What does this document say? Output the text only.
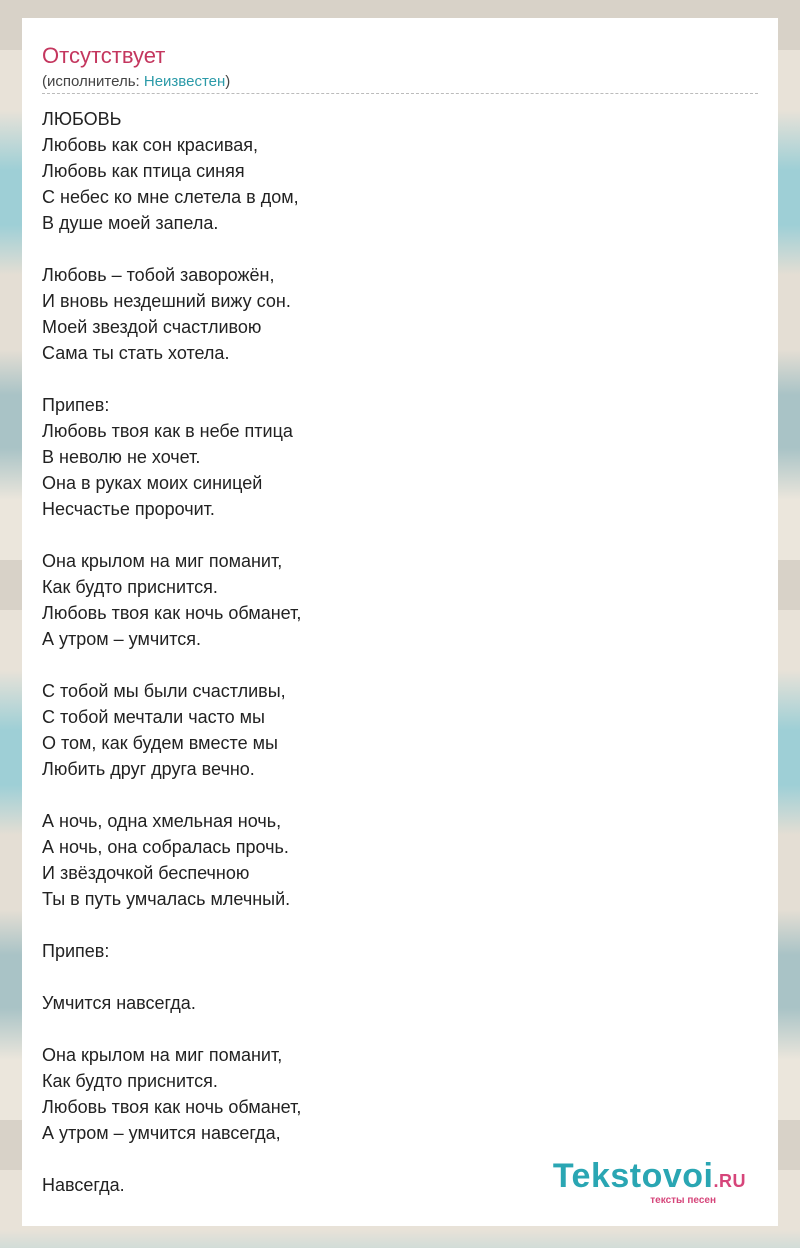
Отсутствует
(исполнитель: Неизвестен)
ЛЮБОВЬ
Любовь как сон красивая,
Любовь как птица синяя
С небес ко мне слетела в дом,
В душе моей запела.
Любовь – тобой заворожён,
И вновь нездешний вижу сон.
Моей звездой счастливою
Сама ты стать хотела.
Припев:
Любовь твоя как в небе птица
В неволю не хочет.
Она в руках моих синицей
Несчастье пророчит.
Она крылом на миг поманит,
Как будто приснится.
Любовь твоя как ночь обманет,
А утром – умчится.
С тобой мы были счастливы,
С тобой мечтали часто мы
О том, как будем вместе мы
Любить друг друга вечно.
А ночь, одна хмельная ночь,
А ночь, она собралась прочь.
И звёздочкой беспечною
Ты в путь умчалась млечный.
Припев:
Умчится навсегда.
Она крылом на миг поманит,
Как будто приснится.
Любовь твоя как ночь обманет,
А утром – умчится навсегда,
Навсегда.	Tekstovoi.RU
тексты песен
